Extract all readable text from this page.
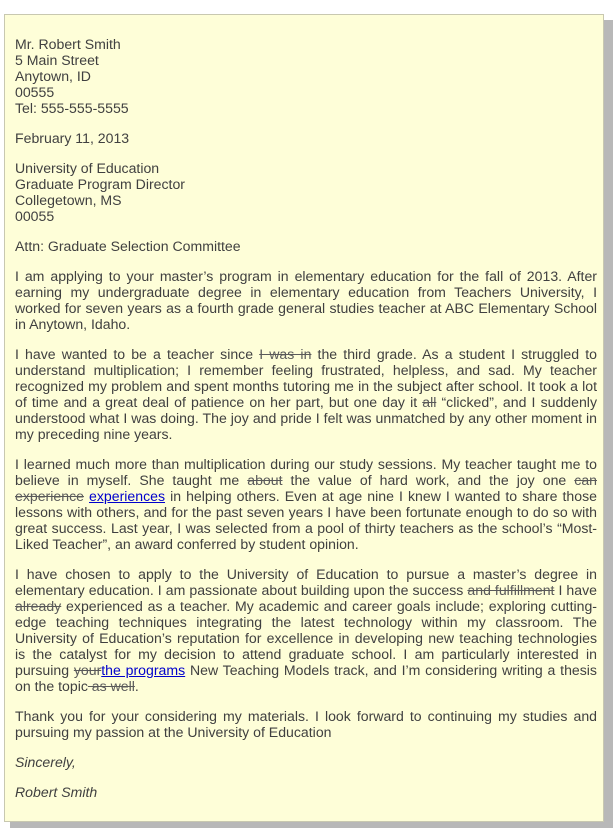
Mr. Robert Smith
5 Main Street
Anytown, ID
00555
Tel: 555-555-5555
February 11, 2013
University of Education
Graduate Program Director
Collegetown, MS
00055
Attn: Graduate Selection Committee

I am applying to your master’s program in elementary education for the fall of 2013. After earning my undergraduate degree in elementary education from Teachers University, I worked for seven years as a fourth grade general studies teacher at ABC Elementary School in Anytown, Idaho.

I have wanted to be a teacher since I was in the third grade. As a student I struggled to understand multiplication; I remember feeling frustrated, helpless, and sad. My teacher recognized my problem and spent months tutoring me in the subject after school. It took a lot of time and a great deal of patience on her part, but one day it all “clicked”, and I suddenly understood what I was doing. The joy and pride I felt was unmatched by any other moment in my preceding nine years.

I learned much more than multiplication during our study sessions. My teacher taught me to believe in myself. She taught me about the value of hard work, and the joy one can experience experiences in helping others. Even at age nine I knew I wanted to share those lessons with others, and for the past seven years I have been fortunate enough to do so with great success. Last year, I was selected from a pool of thirty teachers as the school’s “Most-Liked Teacher”, an award conferred by student opinion.

I have chosen to apply to the University of Education to pursue a master’s degree in elementary education. I am passionate about building upon the success and fulfillment I have already experienced as a teacher. My academic and career goals include; exploring cutting-edge teaching techniques integrating the latest technology within my classroom. The University of Education’s reputation for excellence in developing new teaching technologies is the catalyst for my decision to attend graduate school. I am particularly interested in pursuing yourthe programs New Teaching Models track, and I’m considering writing a thesis on the topic as well.

Thank you for your considering my materials. I look forward to continuing my studies and pursuing my passion at the University of Education

Sincerely,

Robert Smith
